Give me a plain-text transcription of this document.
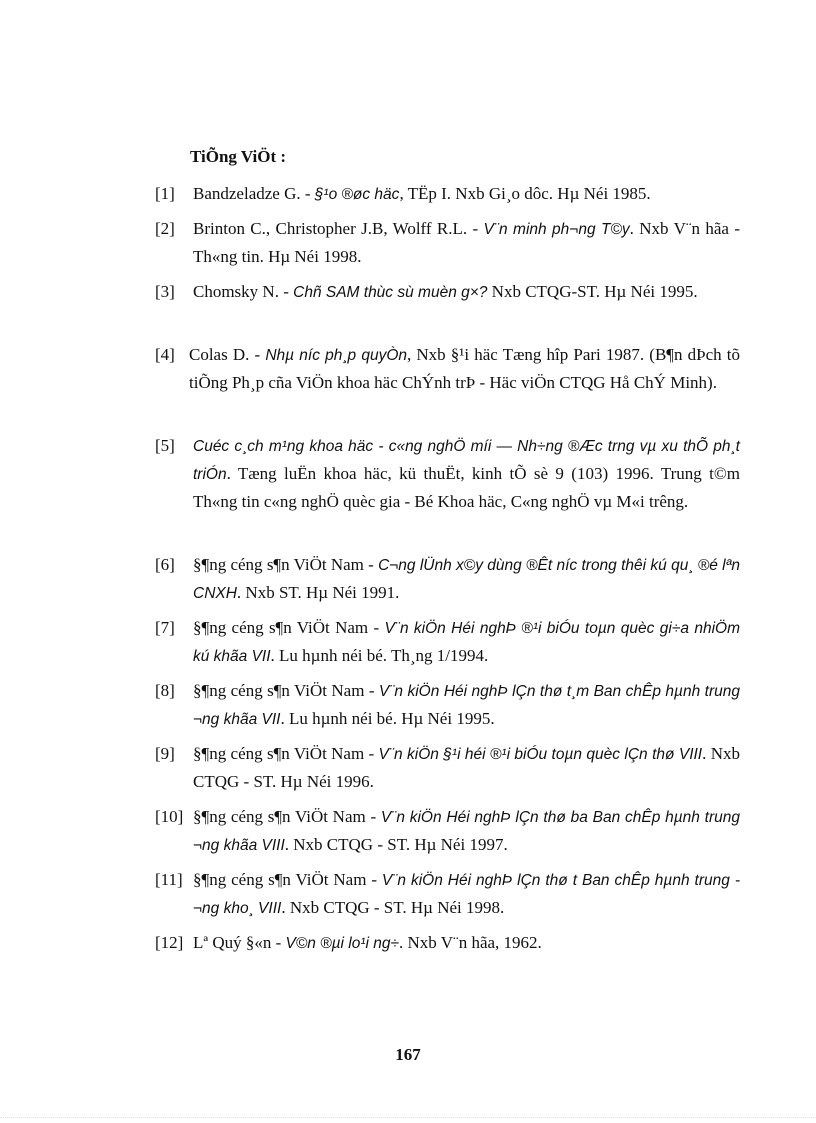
TiÕng ViÖt :
[1] Bandzeladze G. - §¹o ®øc häc, TËp I. Nxb Gi¸o dôc. Hµ Néi 1985.
[2] Brinton C., Christopher J.B, Wolff R.L. - V¨n minh ph¬ng T©y. Nxb V¨n hãa - Th«ng tin. Hµ Néi 1998.
[3] Chomsky N. - Chñ SAM thùc sù muèn g×? Nxb CTQG-ST. Hµ Néi 1995.
[4] Colas D. - Nhµ níc ph¸p quyÒn, Nxb §¹i häc Tæng hîp Pari 1987. (B¶n dÞch tõ tiÕng Ph¸p cña ViÖn khoa häc ChÝnh trÞ - Häc viÖn CTQG Hå ChÝ Minh).
[5] Cuéc c¸ch m¹ng khoa häc - c«ng nghÖ míi — Nh÷ng ®Æc trng vµ xu thÕ ph¸t triÓn. Tæng luËn khoa häc, kü thuËt, kinh tÕ sè 9 (103) 1996. Trung t©m Th«ng tin c«ng nghÖ quèc gia - Bé Khoa häc, C«ng nghÖ vµ M«i trêng.
[6] §¶ng céng s¶n ViÖt Nam - C¬ng lÜnh x©y dùng ®Êt níc trong thêi kú qu¸ ®é lªn CNXH. Nxb ST. Hµ Néi 1991.
[7] §¶ng céng s¶n ViÖt Nam - V¨n kiÖn Héi nghÞ ®¹i biÓu toµn quèc gi÷a nhiÖm kú khãa VII. Lu hµnh néi bé. Th¸ng 1/1994.
[8] §¶ng céng s¶n ViÖt Nam - V¨n kiÖn Héi nghÞ lÇn thø t¸m Ban chÊp hµnh trung ¬ng khãa VII. Lu hµnh néi bé. Hµ Néi 1995.
[9] §¶ng céng s¶n ViÖt Nam - V¨n kiÖn §¹i héi ®¹i biÓu toµn quèc lÇn thø VIII. Nxb CTQG - ST. Hµ Néi 1996.
[10] §¶ng céng s¶n ViÖt Nam - V¨n kiÖn Héi nghÞ lÇn thø ba Ban chÊp hµnh trung ¬ng khãa VIII. Nxb CTQG - ST. Hµ Néi 1997.
[11] §¶ng céng s¶n ViÖt Nam - V¨n kiÖn Héi nghÞ lÇn thø t Ban chÊp hµnh trung ¬ng kho¸ VIII. Nxb CTQG - ST. Hµ Néi 1998.
[12] Lª Quý §«n - V©n ®µi lo¹i ng÷. Nxb V¨n hãa, 1962.
167
